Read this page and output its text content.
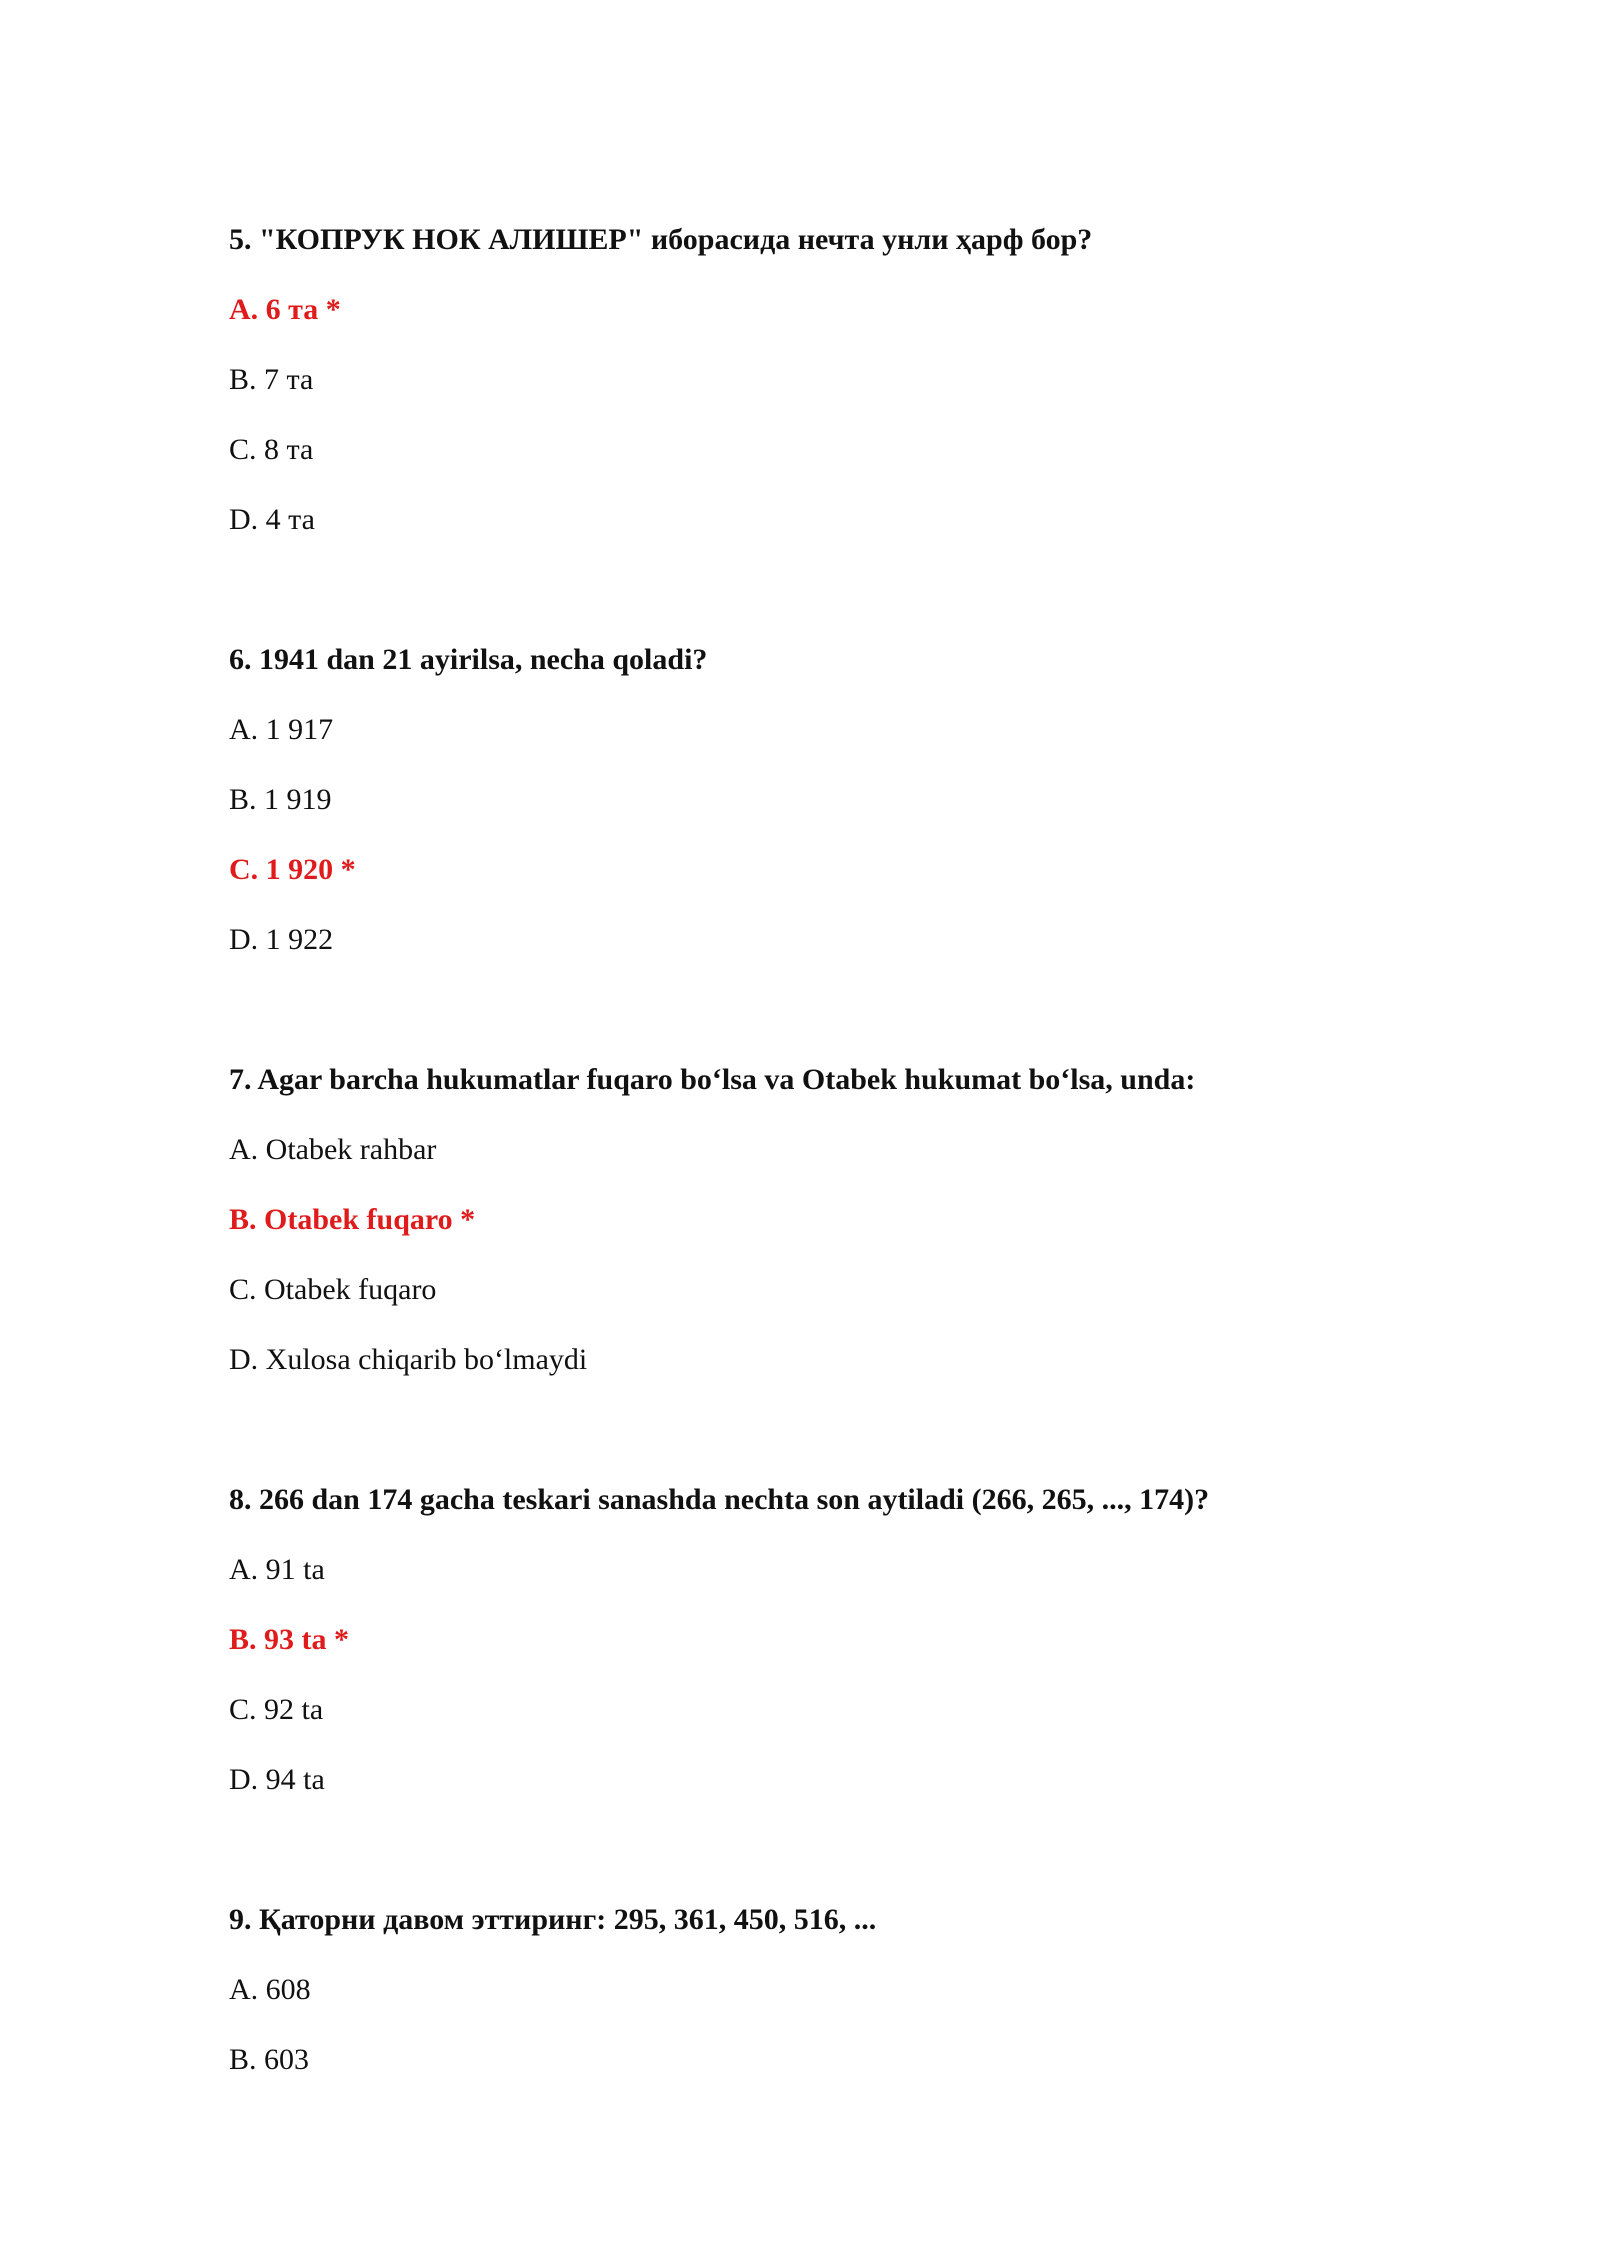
5. "КОПРУК НОК АЛИШЕР" иборасида нечта унли ҳарф бор?
A. 6 та *
B. 7 та
C. 8 та
D. 4 та
6. 1941 dan 21 ayirilsa, necha qoladi?
A. 1 917
B. 1 919
C. 1 920 *
D. 1 922
7. Agar barcha hukumatlar fuqaro bo‘lsa va Otabek hukumat bo‘lsa, unda:
A. Otabek rahbar
B. Otabek fuqaro *
C. Otabek fuqaro
D. Xulosa chiqarib bo‘lmaydi
8. 266 dan 174 gacha teskari sanashda nechta son aytiladi (266, 265, ..., 174)?
A. 91 ta
B. 93 ta *
C. 92 ta
D. 94 ta
9. Қаторни давом эттиринг: 295, 361, 450, 516, ...
A. 608
B. 603
